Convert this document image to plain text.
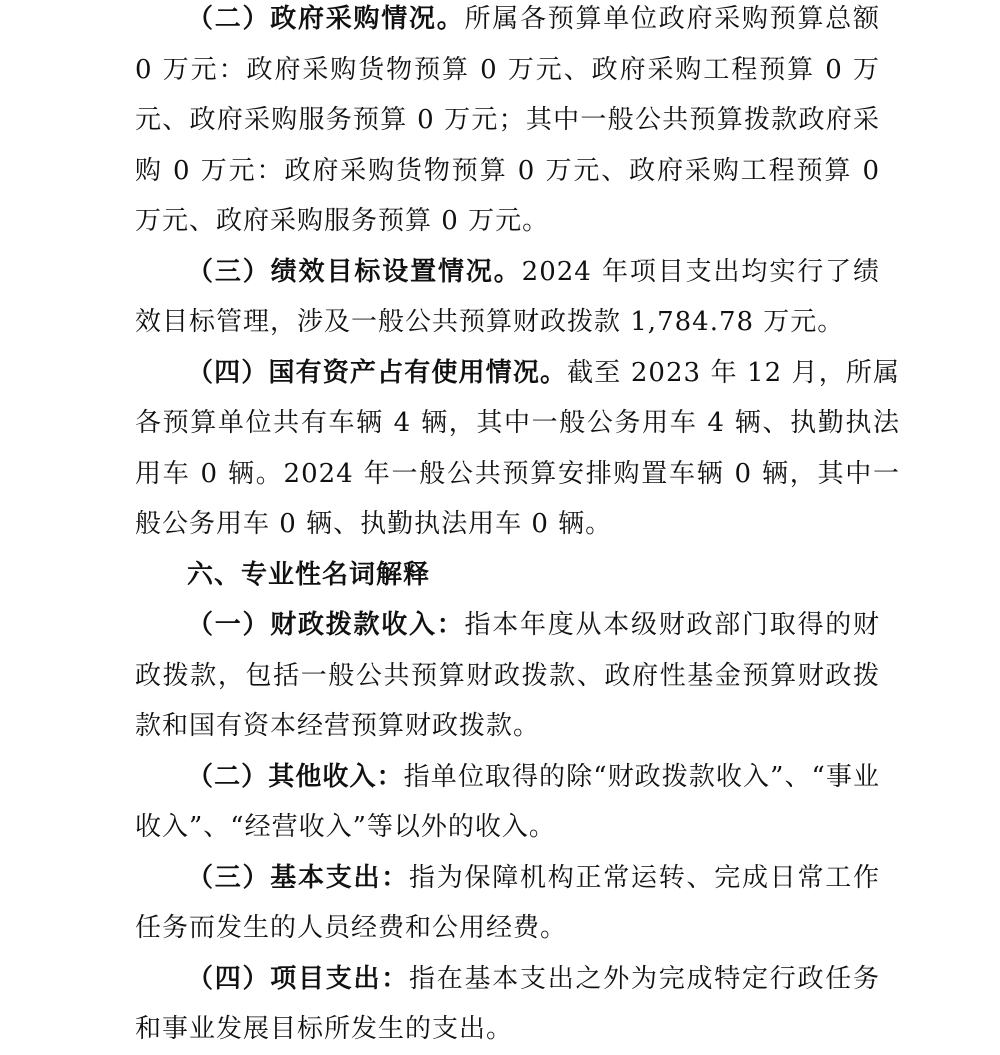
（二）政府采购情况。所属各预算单位政府采购预算总额 0 万元：政府采购货物预算 0 万元、政府采购工程预算 0 万元、政府采购服务预算 0 万元；其中一般公共预算拨款政府采购 0 万元：政府采购货物预算 0 万元、政府采购工程预算 0 万元、政府采购服务预算 0 万元。

（三）绩效目标设置情况。2024 年项目支出均实行了绩效目标管理，涉及一般公共预算财政拨款 1,784.78 万元。

（四）国有资产占有使用情况。截至 2023 年 12 月，所属各预算单位共有车辆 4 辆，其中一般公务用车 4 辆、执勤执法用车 0 辆。2024 年一般公共预算安排购置车辆 0 辆，其中一般公务用车 0 辆、执勤执法用车 0 辆。

六、专业性名词解释

（一）财政拨款收入：指本年度从本级财政部门取得的财政拨款，包括一般公共预算财政拨款、政府性基金预算财政拨款和国有资本经营预算财政拨款。

（二）其他收入：指单位取得的除“财政拨款收入”、“事业收入”、“经营收入”等以外的收入。

（三）基本支出：指为保障机构正常运转、完成日常工作任务而发生的人员经费和公用经费。

（四）项目支出：指在基本支出之外为完成特定行政任务和事业发展目标所发生的支出。
